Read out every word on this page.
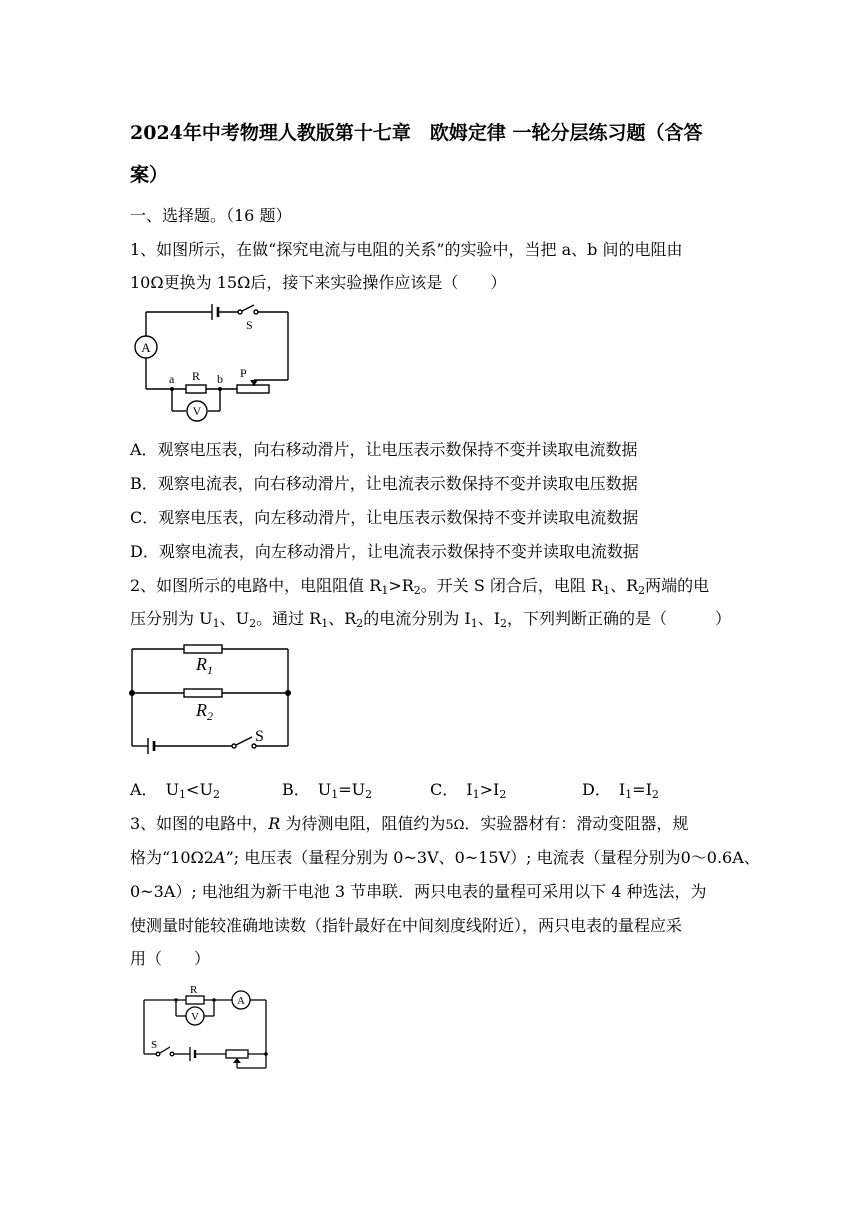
2024年中考物理人教版第十七章　欧姆定律 一轮分层练习题（含答
案）
一、选择题。（16 题）
1、如图所示，在做“探究电流与电阻的关系”的实验中，当把 a、b 间的电阻由
10Ω更换为 15Ω后，接下来实验操作应该是（　　）
A
S
a R b P
V
A．观察电压表，向右移动滑片，让电压表示数保持不变并读取电流数据
B．观察电流表，向右移动滑片，让电流表示数保持不变并读取电压数据
C．观察电压表，向左移动滑片，让电压表示数保持不变并读取电流数据
D．观察电流表，向左移动滑片，让电流表示数保持不变并读取电流数据
2、如图所示的电路中，电阻阻值 $R_1>R_2$。开关 S 闭合后，电阻 $R_1$、$R_2$两端的电
压分别为 $U_1$、$U_2$。通过 $R_1$、$R_2$的电流分别为 $I_1$、$I_2$，下列判断正确的是（　　　）
$R_1$
$R_2$
S
A．  $U_1<U_2$	B．  $U_1=U_2$	C．  $I_1>I_2$	D．  $I_1=I_2$
3、如图的电路中，R 为待测电阻，阻值约为5Ω．实验器材有：滑动变阻器，规
格为“10Ω2A”; 电压表（量程分别为 0~3V、0~15V）; 电流表（量程分别为0～0.6A、
0~3A）; 电池组为新干电池 3 节串联．两只电表的量程可采用以下 4 种选法，为
使测量时能较准确地读数（指针最好在中间刻度线附近），两只电表的量程应采
用（　　）
R
A
V
S
